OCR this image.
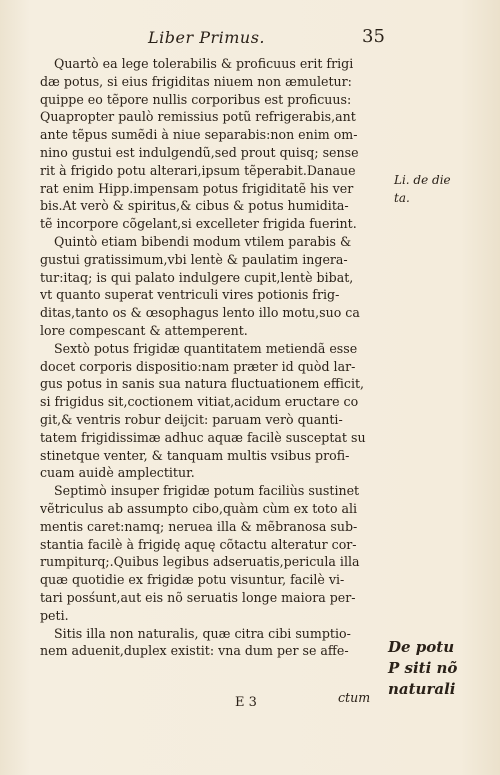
Liber Primus.	35
Quartò ea lege tolerabilis & proficuus erit frigi
dæ potus, si eius frigiditas niuem non æmuletur:
quippe eo tẽpore nullis corporibus est proficuus:
Quapropter paulò remissius potũ refrigerabis,ant
ante tẽpus sumẽdi à niue separabis:non enim om-
nino gustui est indulgendũ,sed prout quisq; sense
rit à frigido potu alterari,ipsum tẽperabit.Danaue
rat enim Hipp.impensam potus frigiditatẽ his ver
bis.At verò & spiritus,& cibus & potus humidita-
tẽ incorpore cõgelant,si excelleter frigida fuerint.
Quintò etiam bibendi modum vtilem parabis &
gustui gratissimum,vbi lentè & paulatim ingera-
tur:itaq; is qui palato indulgere cupit,lentè bibat,
vt quanto superat ventriculi vires potionis frig-
ditas,tanto os & œsophagus lento illo motu,suo ca
lore compescant & attemperent.
Sextò potus frigidæ quantitatem metiendã esse
docet corporis dispositio:nam præter id quòd lar-
gus potus in sanis sua natura fluctuationem efficit,
si frigidus sit,coctionem vitiat,acidum eructare co
git,& ventris robur deijcit: paruam verò quanti-
tatem frigidissimæ adhuc aquæ facilè susceptat su
stinetque venter, & tanquam multis vsibus profi-
cuam auidè amplectitur.
Septimò insuper frigidæ potum faciliùs sustinet
vẽtriculus ab assumpto cibo,quàm cùm ex toto ali
mentis caret:namq; neruea illa & mẽbranosa sub-
stantia facilè à frigidę aquę cõtactu alteratur cor-
rumpiturq;.Quibus legibus adseruatis,pericula illa
quæ quotidie ex frigidæ potu visuntur, facilè vi-
tari posśunt,aut eis nõ seruatis longe maiora per-
peti.
Sitis illa non naturalis, quæ citra cibi sumptio-
nem aduenit,duplex existit: vna dum per se affe-
Li. de die
ta.
De potu
P siti nõ
naturali
E 3	ctum
